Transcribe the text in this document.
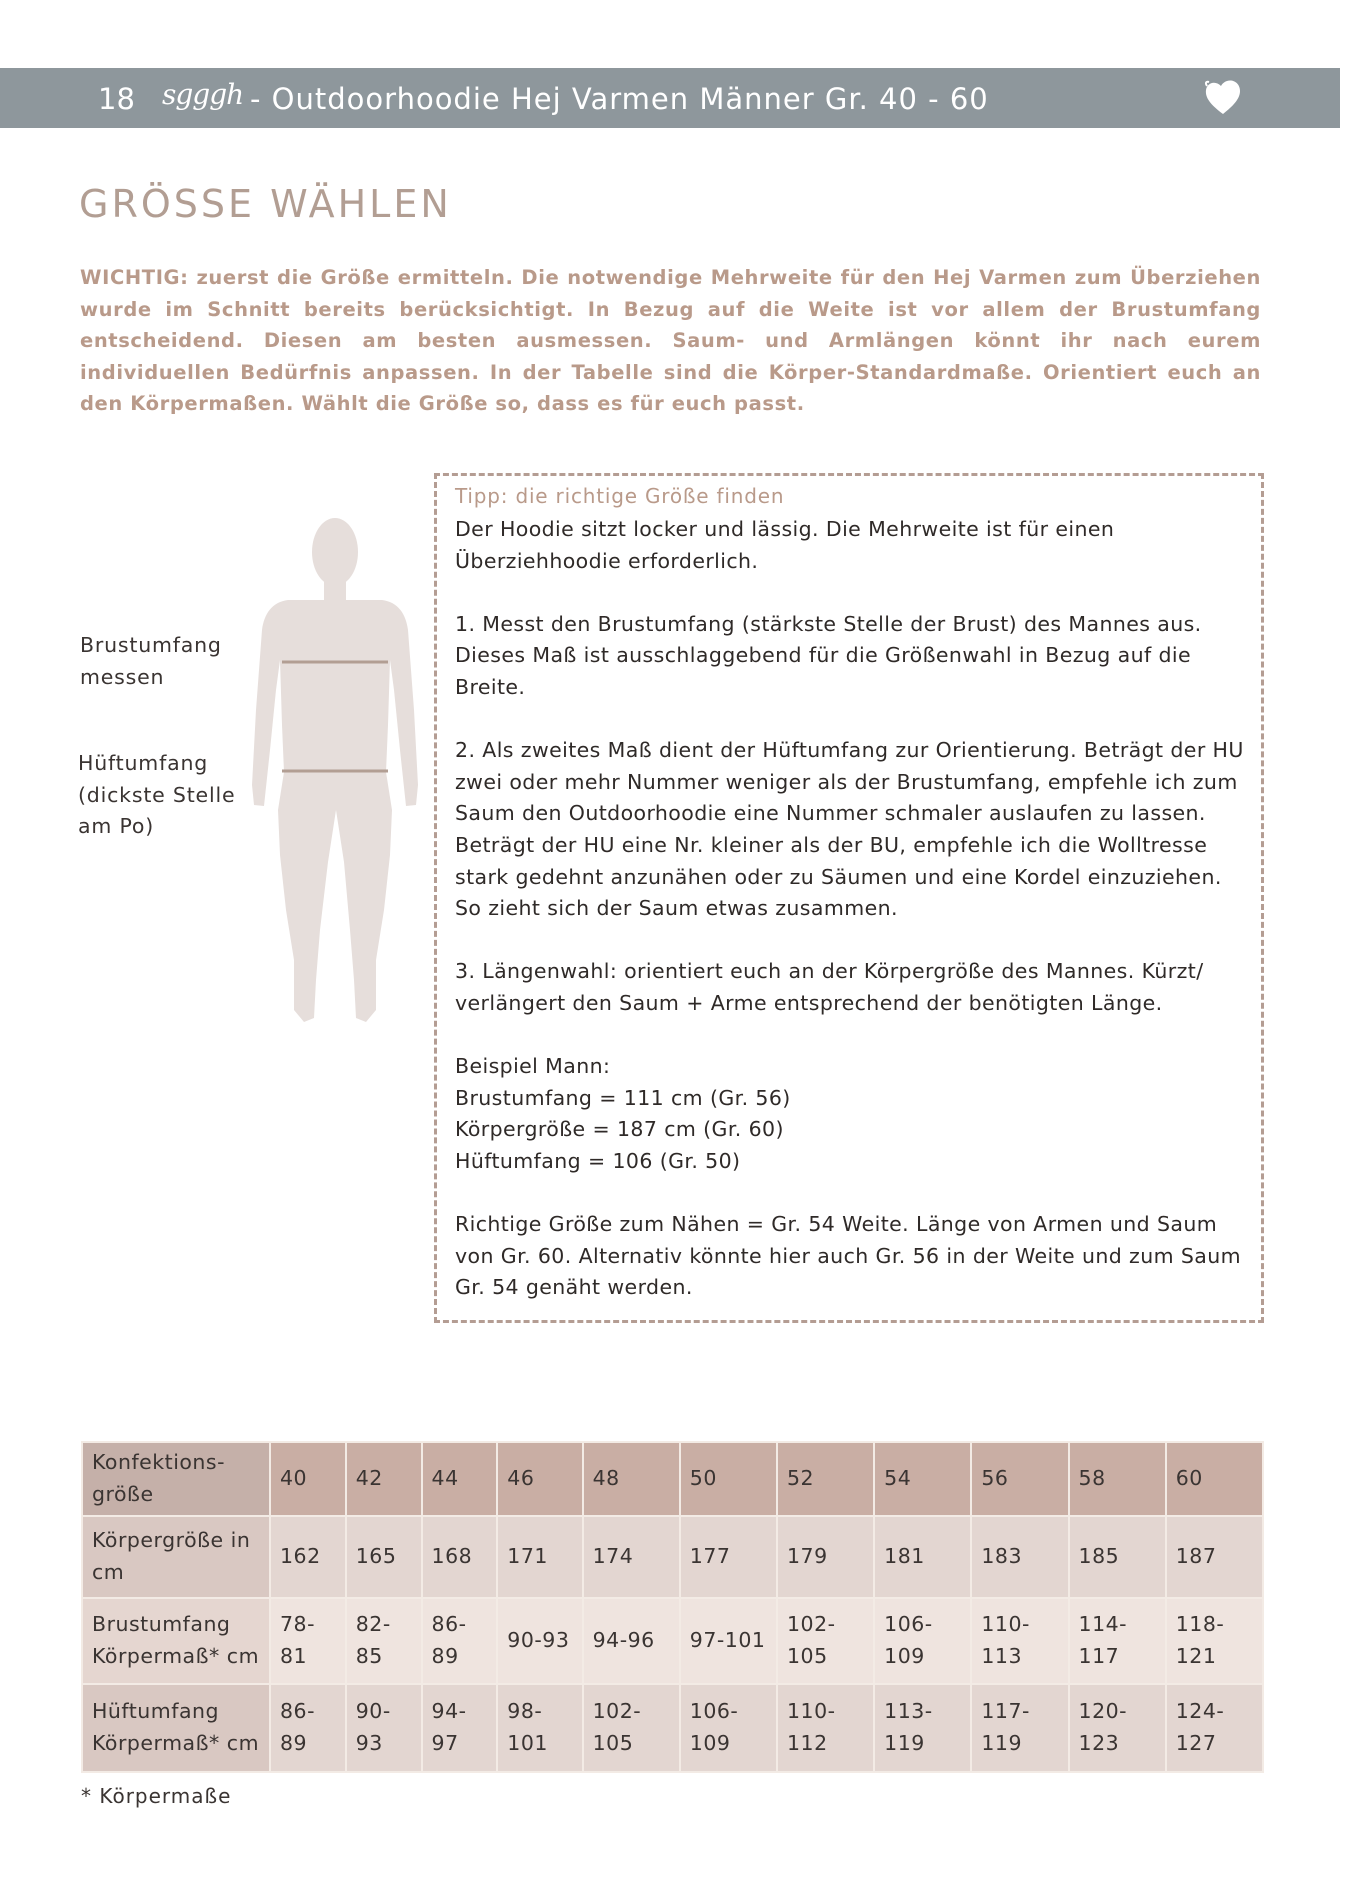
18 sgggh - Outdoorhoodie Hej Varmen Männer Gr. 40 - 60
GRÖSSE WÄHLEN
WICHTIG: zuerst die Größe ermitteln. Die notwendige Mehrweite für den Hej Varmen zum Überziehen wurde im Schnitt bereits berücksichtigt. In Bezug auf die Weite ist vor allem der Brustumfang entscheidend. Diesen am besten ausmessen. Saum- und Armlängen könnt ihr nach eurem individuellen Bedürfnis anpassen. In der Tabelle sind die Körper-Standardmaße. Orientiert euch an den Körpermaßen. Wählt die Größe so, dass es für euch passt.
Brustumfang
messen
Hüftumfang
(dickste Stelle
am Po)
Tipp: die richtige Größe finden

Der Hoodie sitzt locker und lässig. Die Mehrweite ist für einen Überziehhoodie erforderlich.

1. Messt den Brustumfang (stärkste Stelle der Brust) des Mannes aus. Dieses Maß ist ausschlaggebend für die Größenwahl in Bezug auf die Breite.

2. Als zweites Maß dient der Hüftumfang zur Orientierung. Beträgt der HU zwei oder mehr Nummer weniger als der Brustumfang, empfehle ich zum Saum den Outdoorhoodie eine Nummer schmaler auslaufen zu lassen. Beträgt der HU eine Nr. kleiner als der BU, empfehle ich die Wolltresse stark gedehnt anzunähen oder zu Säumen und eine Kordel einzuziehen. So zieht sich der Saum etwas zusammen.

3. Längenwahl: orientiert euch an der Körpergröße des Mannes. Kürzt/ verlängert den Saum + Arme entsprechend der benötigten Länge.

Beispiel Mann:

Brustumfang = 111 cm (Gr. 56)

Körpergröße = 187 cm (Gr. 60)

Hüftumfang = 106 (Gr. 50)

Richtige Größe zum Nähen = Gr. 54 Weite. Länge von Armen und Saum von Gr. 60. Alternativ könnte hier auch Gr. 56 in der Weite und zum Saum Gr. 54 genäht werden.

Konfektions-größe	40	42	44	46	48	50	52	54	56	58	60
Körpergröße in cm	162	165	168	171	174	177	179	181	183	185	187
Brustumfang Körpermaß* cm	78-81	82-85	86-89	90-93	94-96	97-101	102-105	106-109	110-113	114-117	118-121
Hüftumfang Körpermaß* cm	86-89	90-93	94-97	98-101	102-105	106-109	110-112	113-119	117-119	120-123	124-127
* Körpermaße
